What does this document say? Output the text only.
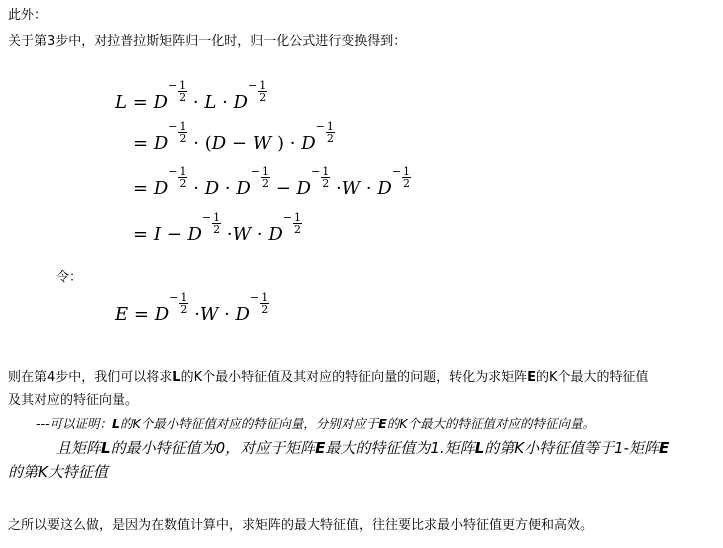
此外：
关于第3步中，对拉普拉斯矩阵归一化时，归一化公式进行变换得到：
$L = D- \frac{1}{2} \cdot L \cdot D- \frac{1}{2}$
= $D- \frac{1}{2} \cdot (D - W$ ) · $D- \frac{1}{2}$
= $D- \frac{1}{2} \cdot D \cdot D- \frac{1}{2} - D- \frac{1}{2} \cdot W \cdot D- \frac{1}{2}$
= $I - D- \frac{1}{2} \cdot W \cdot D- \frac{1}{2}$
令：
$E = D- \frac{1}{2} \cdot W \cdot D- \frac{1}{2}$
则在第4步中，我们可以将求L的K个最小特征值及其对应的特征向量的问题，转化为求矩阵E的K个最大的特征值
及其对应的特征向量。
---可以证明：L的K个最小特征值对应的特征向量，分别对应于E的K个最大的特征值对应的特征向量。
且矩阵L的最小特征值为0，对应于矩阵E最大的特征值为1.矩阵L的第K小特征值等于1-矩阵E
的第K大特征值
之所以要这么做，是因为在数值计算中，求矩阵的最大特征值，往往要比求最小特征值更方便和高效。
